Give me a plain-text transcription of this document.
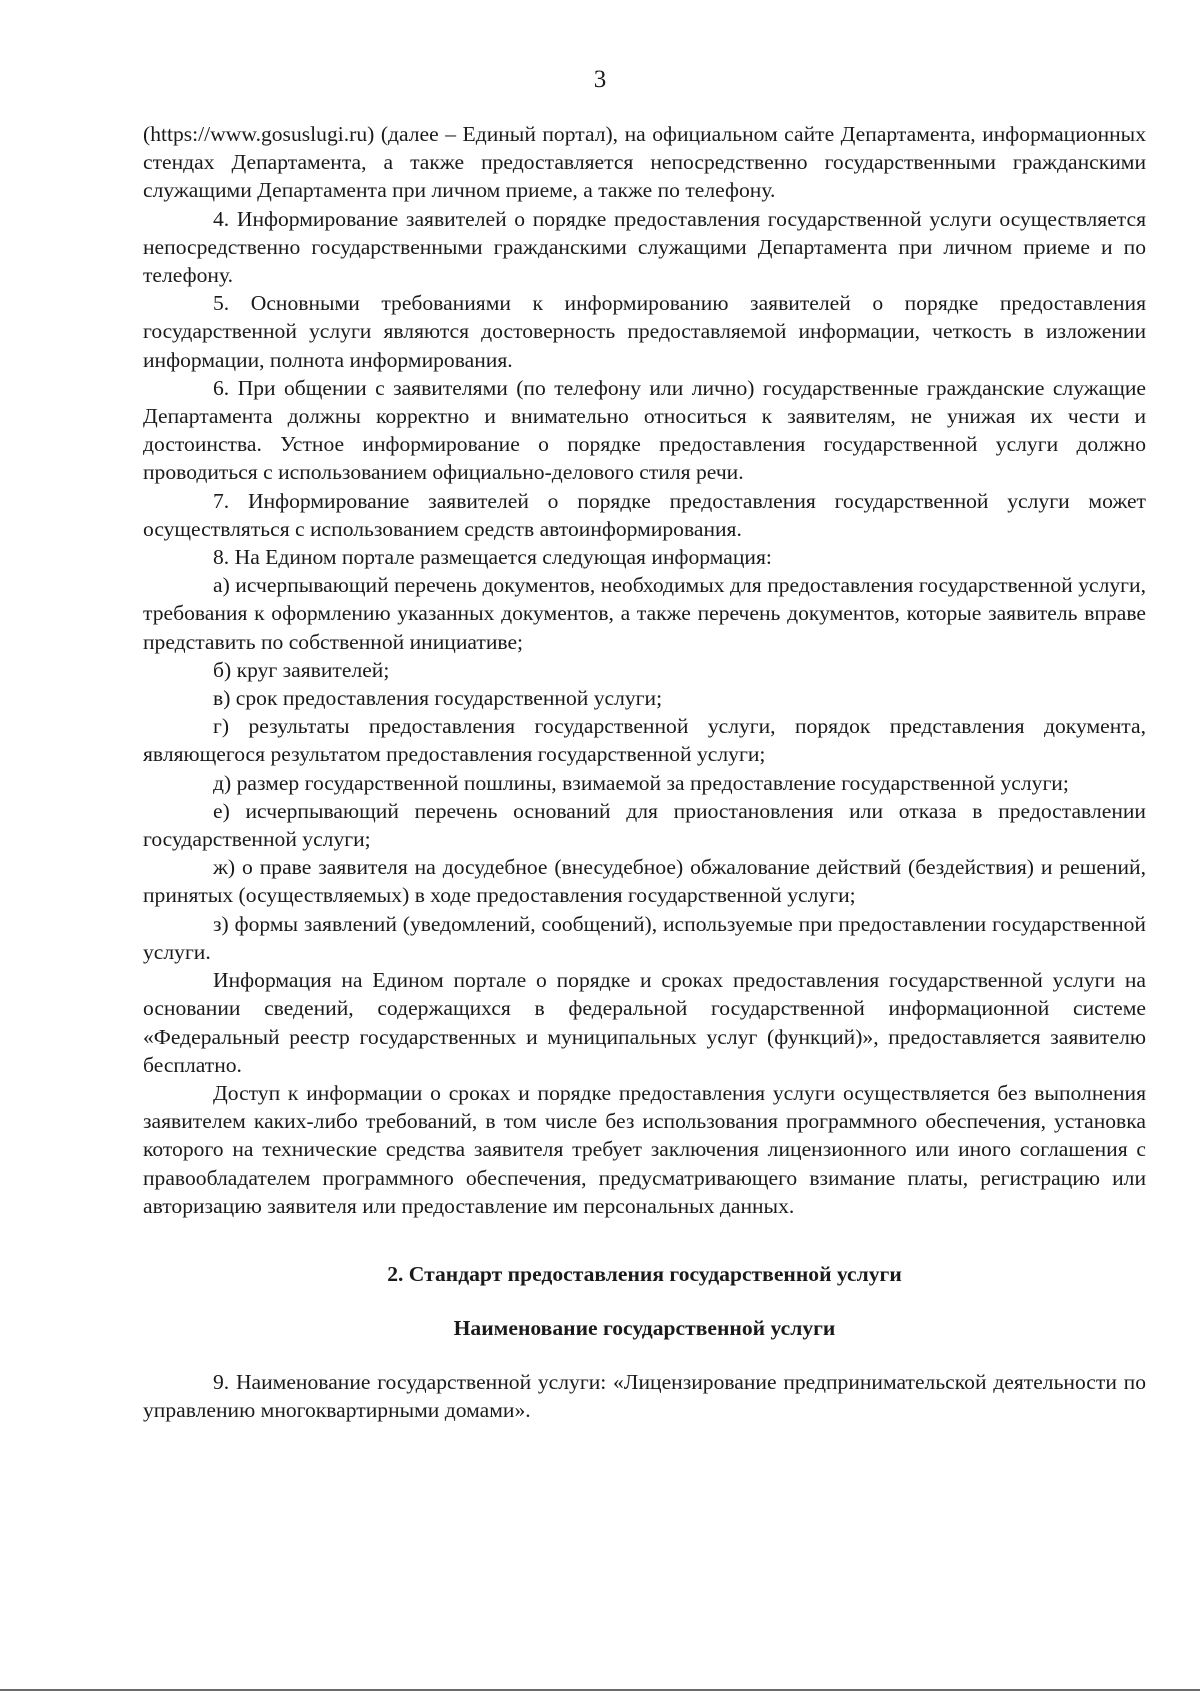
3

(https://www.gosuslugi.ru) (далее – Единый портал), на официальном сайте Департамента, информационных стендах Департамента, а также предоставляется непосредственно государственными гражданскими служащими Департамента при личном приеме, а также по телефону.

4. Информирование заявителей о порядке предоставления государственной услуги осуществляется непосредственно государственными гражданскими служащими Департамента при личном приеме и по телефону.

5. Основными требованиями к информированию заявителей о порядке предоставления государственной услуги являются достоверность предоставляемой информации, четкость в изложении информации, полнота информирования.

6. При общении с заявителями (по телефону или лично) государственные гражданские служащие Департамента должны корректно и внимательно относиться к заявителям, не унижая их чести и достоинства. Устное информирование о порядке предоставления государственной услуги должно проводиться с использованием официально-делового стиля речи.

7. Информирование заявителей о порядке предоставления государственной услуги может осуществляться с использованием средств автоинформирования.

8. На Едином портале размещается следующая информация:

а) исчерпывающий перечень документов, необходимых для предоставления государственной услуги, требования к оформлению указанных документов, а также перечень документов, которые заявитель вправе представить по собственной инициативе;

б) круг заявителей;

в) срок предоставления государственной услуги;

г) результаты предоставления государственной услуги, порядок представления документа, являющегося результатом предоставления государственной услуги;

д) размер государственной пошлины, взимаемой за предоставление государственной услуги;

е) исчерпывающий перечень оснований для приостановления или отказа в предоставлении государственной услуги;

ж) о праве заявителя на досудебное (внесудебное) обжалование действий (бездействия) и решений, принятых (осуществляемых) в ходе предоставления государственной услуги;

з) формы заявлений (уведомлений, сообщений), используемые при предоставлении государственной услуги.

Информация на Едином портале о порядке и сроках предоставления государственной услуги на основании сведений, содержащихся в федеральной государственной информационной системе «Федеральный реестр государственных и муниципальных услуг (функций)», предоставляется заявителю бесплатно.

Доступ к информации о сроках и порядке предоставления услуги осуществляется без выполнения заявителем каких-либо требований, в том числе без использования программного обеспечения, установка которого на технические средства заявителя требует заключения лицензионного или иного соглашения с правообладателем программного обеспечения, предусматривающего взимание платы, регистрацию или авторизацию заявителя или предоставление им персональных данных.

2. Стандарт предоставления государственной услуги
Наименование государственной услуги

9. Наименование государственной услуги: «Лицензирование предпринимательской деятельности по управлению многоквартирными домами».
